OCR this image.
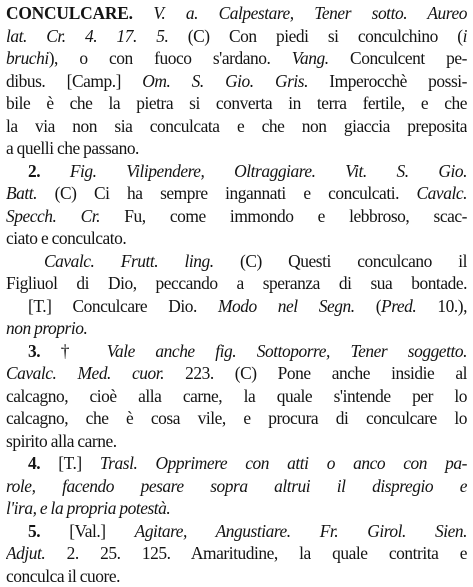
CONCULCARE. V. a. Calpestare, Tener sotto. Aureo
lat. Cr. 4. 17. 5. (C) Con piedi si conculchino (i
bruchi), o con fuoco s'ardano. Vang. Conculcent pe-
dibus. [Camp.] Om. S. Gio. Gris. Imperocchè possi-
bile è che la pietra si converta in terra fertile, e che
la via non sia conculcata e che non giaccia preposita
a quelli che passano.
2. Fig. Vilipendere, Oltraggiare. Vit. S. Gio.
Batt. (C) Ci ha sempre ingannati e conculcati. Cavalc.
Specch. Cr. Fu, come immondo e lebbroso, scac-
ciato e conculcato.
Cavalc. Frutt. ling. (C) Questi conculcano il
Figliuol di Dio, peccando a speranza di sua bontade.
[T.] Conculcare Dio. Modo nel Segn. (Pred. 10.),
non proprio.
3. † Vale anche fig. Sottoporre, Tener soggetto.
Cavalc. Med. cuor. 223. (C) Pone anche insidie al
calcagno, cioè alla carne, la quale s'intende per lo
calcagno, che è cosa vile, e procura di conculcare lo
spirito alla carne.
4. [T.] Trasl. Opprimere con atti o anco con pa-
role, facendo pesare sopra altrui il dispregio e
l'ira, e la propria potestà.
5. [Val.] Agitare, Angustiare. Fr. Girol. Sien.
Adjut. 2. 25. 125. Amaritudine, la quale contrita e
conculca il cuore.
